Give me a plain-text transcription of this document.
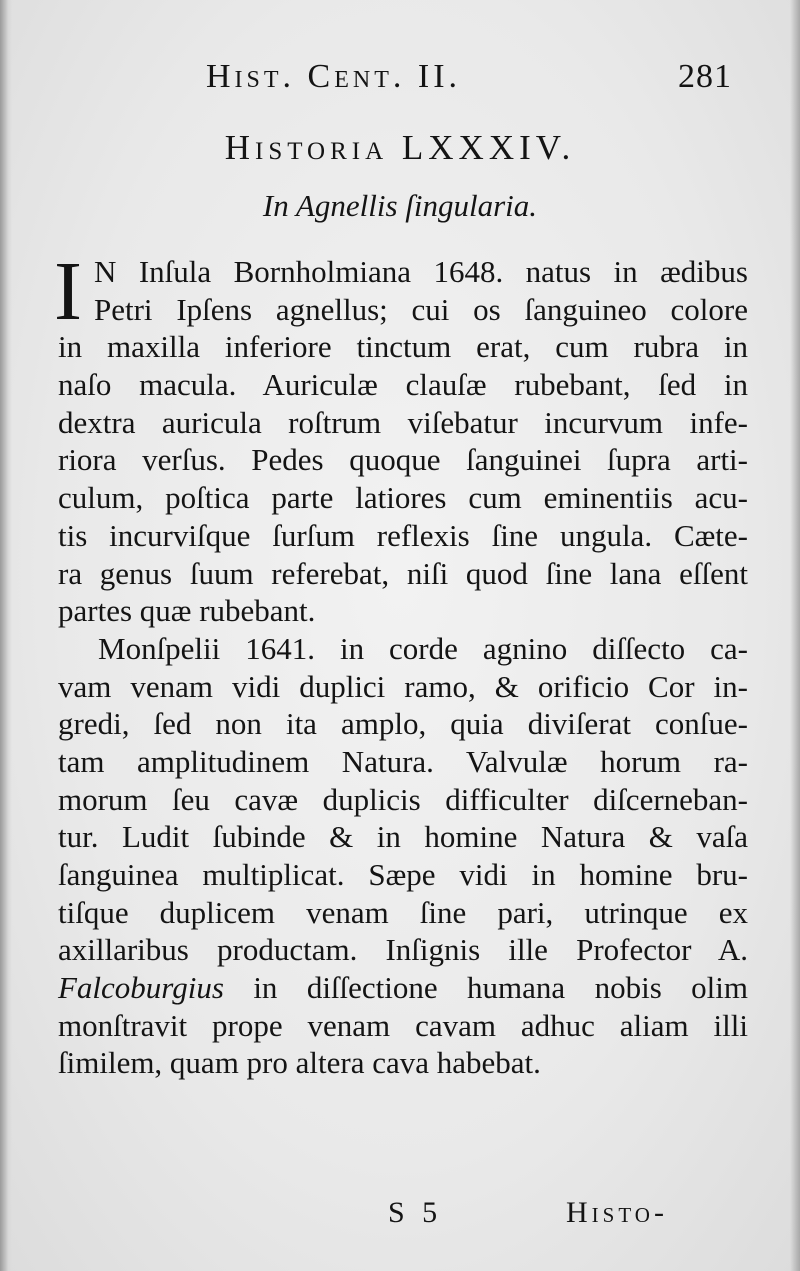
Hist. Cent. II.	281
Historia LXXXIV.
In Agnellis ſingularia.
I N Inſula Bornholmiana 1648. natus in ædibus
Petri Ipſens agnellus; cui os ſanguineo colore
in maxilla inferiore tinctum erat, cum rubra in
naſo macula. Auriculæ clauſæ rubebant, ſed in
dextra auricula roſtrum viſebatur incurvum infe-
riora verſus. Pedes quoque ſanguinei ſupra arti-
culum, poſtica parte latiores cum eminentiis acu-
tis incurviſque ſurſum reflexis ſine ungula. Cæte-
ra genus ſuum referebat, niſi quod ſine lana eſſent
partes quæ rubebant.
Monſpelii 1641. in corde agnino diſſecto ca-
vam venam vidi duplici ramo, & orificio Cor in-
gredi, ſed non ita amplo, quia diviſerat conſue-
tam amplitudinem Natura. Valvulæ horum ra-
morum ſeu cavæ duplicis difficulter diſcerneban-
tur. Ludit ſubinde & in homine Natura & vaſa
ſanguinea multiplicat. Sæpe vidi in homine bru-
tiſque duplicem venam ſine pari, utrinque ex
axillaribus productam. Inſignis ille Profector A.
Falcoburgius in diſſectione humana nobis olim
monſtravit prope venam cavam adhuc aliam illi
ſimilem, quam pro altera cava habebat.
S 5	Histo-
